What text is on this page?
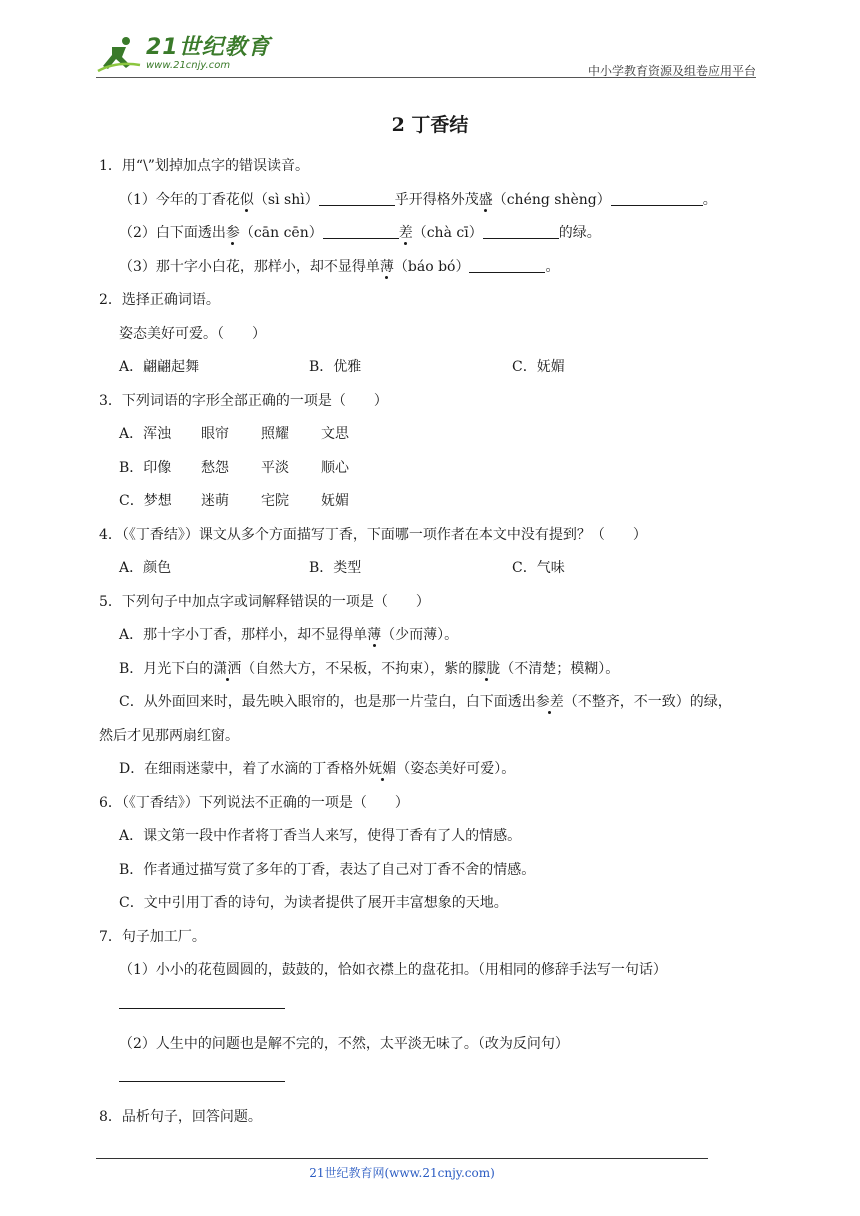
21世纪教育
www.21cnjy.com	中小学教育资源及组卷应用平台
2 丁香结
1．用“\”划掉加点字的错误读音。
（1）今年的丁香花似（sì shì）	乎开得格外茂盛（chéng shèng）	。
（2）白下面透出参（cān cēn）	差（chà cī）	的绿。
（3）那十字小白花，那样小，却不显得单薄（báo bó）	。
2．选择正确词语。
姿态美好可爱。（　　）
A．翩翩起舞	B．优雅	C．妩媚
3．下列词语的字形全部正确的一项是（　　）
A．浑浊	眼帘	照耀	文思
B．印像	愁怨	平淡	顺心
C．梦想	迷萌	宅院	妩媚
4．（《丁香结》）课文从多个方面描写丁香，下面哪一项作者在本文中没有提到？（　　）
A．颜色	B．类型	C．气味
5．下列句子中加点字或词解释错误的一项是（　　）
A．那十字小丁香，那样小，却不显得单薄（少而薄）。
B．月光下白的潇洒（自然大方，不呆板，不拘束），紫的朦胧（不清楚；模糊）。
C．从外面回来时，最先映入眼帘的，也是那一片莹白，白下面透出参差（不整齐，不一致）的绿，
然后才见那两扇红窗。
D．在细雨迷蒙中，着了水滴的丁香格外妩媚（姿态美好可爱）。
6．（《丁香结》）下列说法不正确的一项是（　　）
A．课文第一段中作者将丁香当人来写，使得丁香有了人的情感。
B．作者通过描写赏了多年的丁香，表达了自己对丁香不舍的情感。
C．文中引用丁香的诗句，为读者提供了展开丰富想象的天地。
7．句子加工厂。
（1）小小的花苞圆圆的，鼓鼓的，恰如衣襟上的盘花扣。（用相同的修辞手法写一句话）
（2）人生中的问题也是解不完的，不然，太平淡无味了。（改为反问句）
8．品析句子，回答问题。
21世纪教育网(www.21cnjy.com)
